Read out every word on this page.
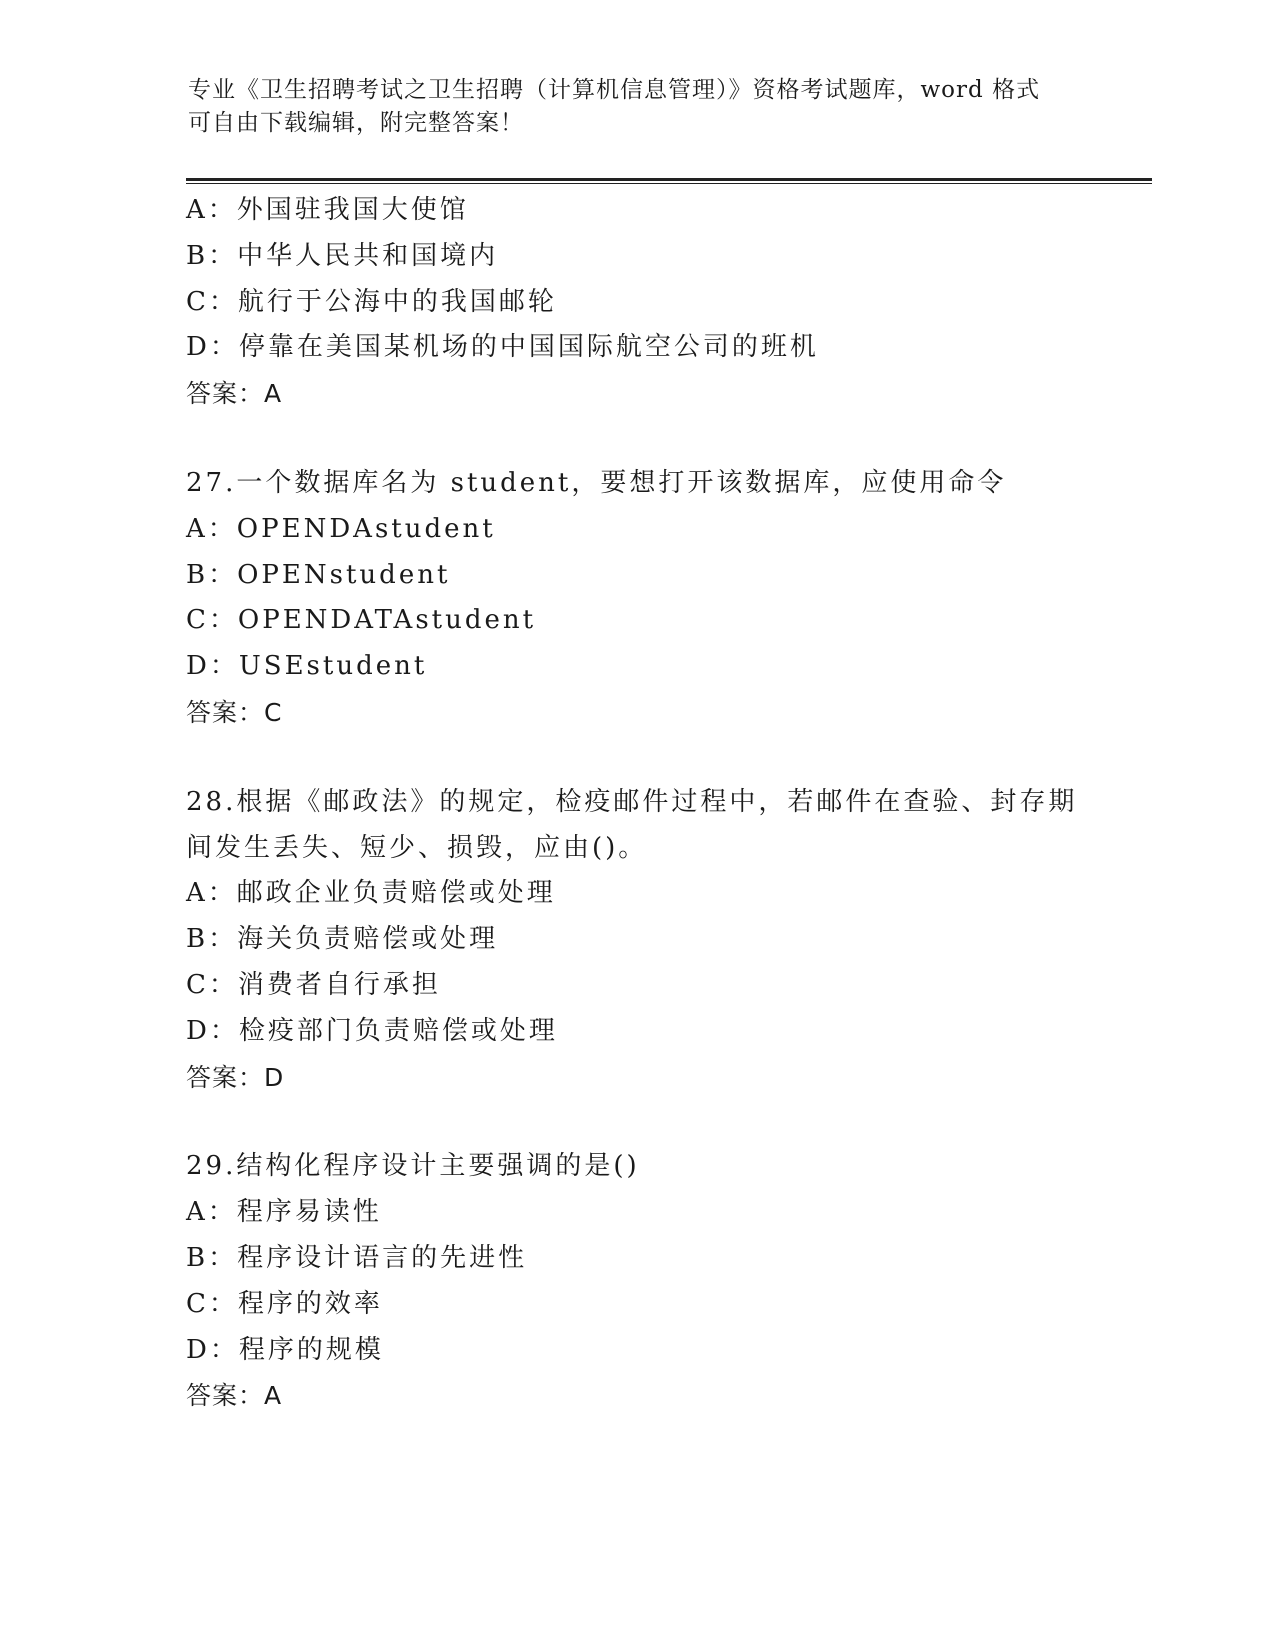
专业《卫生招聘考试之卫生招聘（计算机信息管理）》资格考试题库，word 格式
可自由下载编辑，附完整答案！
A：外国驻我国大使馆
B：中华人民共和国境内
C：航行于公海中的我国邮轮
D：停靠在美国某机场的中国国际航空公司的班机
答案：A
27.一个数据库名为 student，要想打开该数据库，应使用命令
A：OPENDAstudent
B：OPENstudent
C：OPENDATAstudent
D：USEstudent
答案：C
28.根据《邮政法》的规定，检疫邮件过程中，若邮件在查验、封存期
间发生丢失、短少、损毁，应由()。
A：邮政企业负责赔偿或处理
B：海关负责赔偿或处理
C：消费者自行承担
D：检疫部门负责赔偿或处理
答案：D
29.结构化程序设计主要强调的是()
A：程序易读性
B：程序设计语言的先进性
C：程序的效率
D：程序的规模
答案：A
